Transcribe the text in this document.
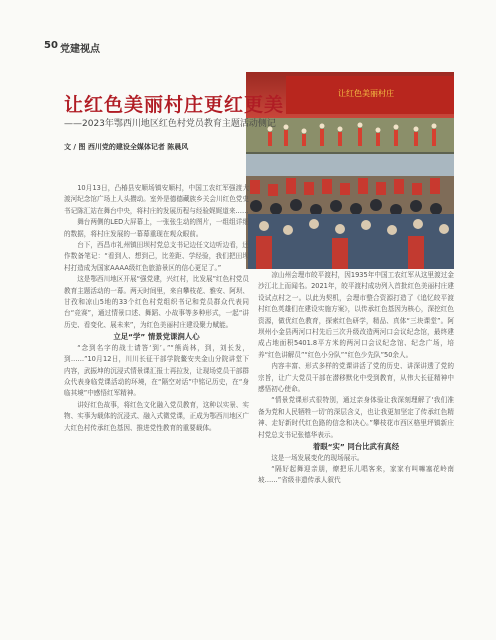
50 党建视点
让红色美丽村庄
让红色美丽村庄更红更美
——2023年鄂西川地区红色村党员教育主题活动侧记
文 / 图 西川党的建设全媒体记者 陈晨风

10月13日，凸椿县安顺场镇安顺村，中国工农红军强渡大渡河纪念馆广场上人头攒动。室外是德德藏族乡关会川红色党史书记陈汇站在舞台中央，将村庄的发展历程与经验娓娓道来……

舞台两侧的LED大屏幕上，一张张生动的图片，一组组详细的数据，将村庄发展的一幕幕重现在观众眼前。

台下，西昌市礼州镇田坝村党总支书记边任文边听边看，还作数备笔记：“看到人、想到己，比差距、学经验，我们把田坝村打造成为国家AAAA级红色旅游景区的信心更足了。”

这是鄂西川地区开展“强党建，兴红村，比发展”红色村党员教育主题活动的一幕。两天时间里，来自攀枝花、雅安、阿坝、甘孜和凉山5地的33个红色村党组织书记和党员群众代表同台“竞赛”，通过情景口述、舞蹈、小故事等多种形式，一起“讲历史、看变化、展未来”，为红色美丽村庄建设聚力赋能。

立足“学” 情景党课润人心

“念到名字的战士请答‘到’。”“熊尚林，到，刘长发，到……”10月12日，川川长征干部学院鳌安夹金山分院讲堂下内容，武振坤的沉浸式情景课汇报士再拉发，让现场党员干部群众代表身临党课活动的环境，在“隔空对话”中铭记历史，在“身临其境”中感悟红军精神。

讲好红色故事，将红色文化融入党员教育，这种以实景、实物、实事为载体的沉浸式、融入式微党课，正成为鄂西川地区广大红色村传承红色基因、推进党性教育的重要载体。

凉山州会理市皎平渡村，因1935年中国工农红军从这里渡过金沙江北上而闻名。2021年，皎平渡村成功列入首批红色美丽村庄建设试点村之一。以此为契机，会理市整合资源打造了《追忆皎平渡村红色英雄们在建设实施方案》，以传承红色基因为核心，深挖红色资源，做优红色教育，探索红色研学，精品、真体“三块课堂”。阿坝州小金县两河口村先后三次升级改造两河口会议纪念馆，最终建成占地面积5401.8平方米的两河口会议纪念馆、纪念广场，培养“红色讲解员”“红色小分队”“红色少先队”50余人。

内容丰富、形式多样的党课讲活了党的历史、讲深讲透了党的宗旨，让广大党员干部在潜移默化中受到教育，从伟大长征精神中感悟初心使命。

“情景党课形式很特别，通过亲身体验让我深刻理解了‘我们准备为党和人民牺牲一切’的深层含义，也让我更加坚定了传承红色精神、走好新时代红色路的信念和决心。”攀枝花市西区格里坪镇新庄村党总支书记张德华表示。

着眼“实” 同台比武有真经

这是一场发展变化的现场展示。

“隔好起舞迎亲朋，燎把乐儿唱客来，家家有叫嘛塞花岭南坡……”省级非遗传承人叙代
